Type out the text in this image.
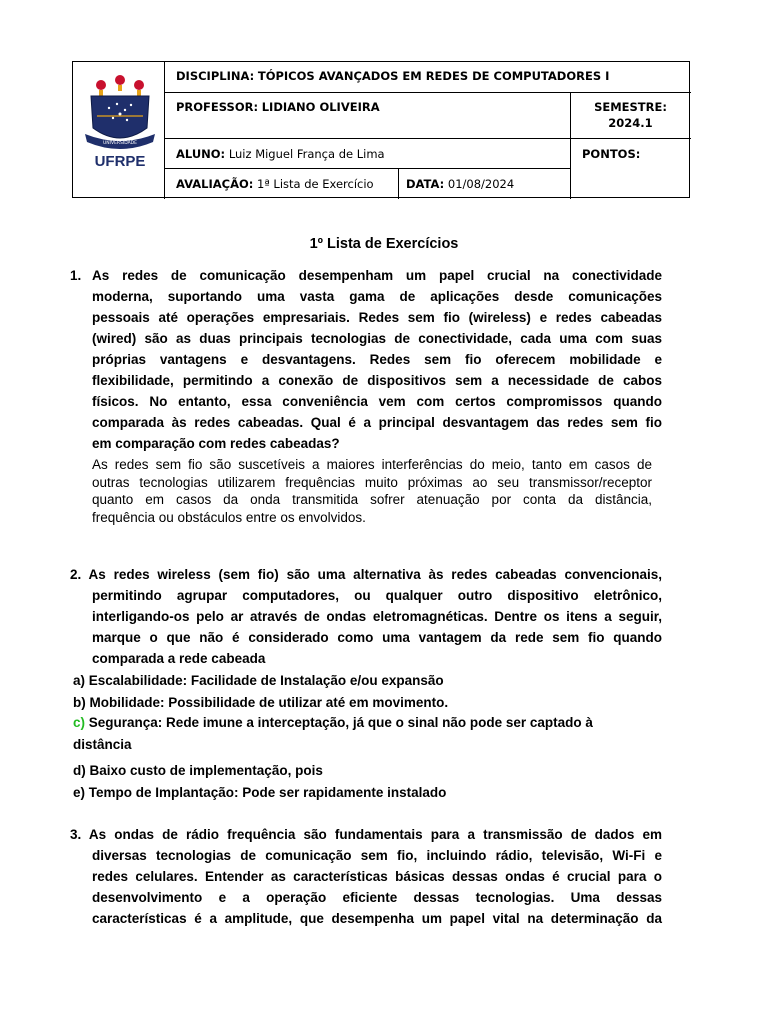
UNIVERSIDADE
UFRPE
DISCIPLINA: TÓPICOS AVANÇADOS EM REDES DE COMPUTADORES I
PROFESSOR: LIDIANO OLIVEIRA	SEMESTRE:
2024.1
ALUNO: Luiz Miguel França de Lima	PONTOS:
AVALIAÇÃO: 1ª Lista de Exercício	DATA: 01/08/2024
1º Lista de Exercícios
1. As redes de comunicação desempenham um papel crucial na conectividade
moderna, suportando uma vasta gama de aplicações desde comunicações
pessoais até operações empresariais. Redes sem fio (wireless) e redes cabeadas
(wired) são as duas principais tecnologias de conectividade, cada uma com suas
próprias vantagens e desvantagens. Redes sem fio oferecem mobilidade e
flexibilidade, permitindo a conexão de dispositivos sem a necessidade de cabos
físicos. No entanto, essa conveniência vem com certos compromissos quando
comparada às redes cabeadas. Qual é a principal desvantagem das redes sem fio
em comparação com redes cabeadas?
As redes sem fio são suscetíveis a maiores interferências do meio, tanto em casos de
outras tecnologias utilizarem frequências muito próximas ao seu transmissor/receptor
quanto em casos da onda transmitida sofrer atenuação por conta da distância,
frequência ou obstáculos entre os envolvidos.
2. As redes wireless (sem fio) são uma alternativa às redes cabeadas convencionais,
permitindo agrupar computadores, ou qualquer outro dispositivo eletrônico,
interligando-os pelo ar através de ondas eletromagnéticas. Dentre os itens a seguir,
marque o que não é considerado como uma vantagem da rede sem fio quando
comparada a rede cabeada
a) Escalabilidade: Facilidade de Instalação e/ou expansão
b) Mobilidade: Possibilidade de utilizar até em movimento.
c) Segurança: Rede imune a interceptação, já que o sinal não pode ser captado à
distância
d) Baixo custo de implementação, pois
e) Tempo de Implantação: Pode ser rapidamente instalado
3. As ondas de rádio frequência são fundamentais para a transmissão de dados em
diversas tecnologias de comunicação sem fio, incluindo rádio, televisão, Wi-Fi e
redes celulares. Entender as características básicas dessas ondas é crucial para o
desenvolvimento e a operação eficiente dessas tecnologias. Uma dessas
características é a amplitude, que desempenha um papel vital na determinação da
